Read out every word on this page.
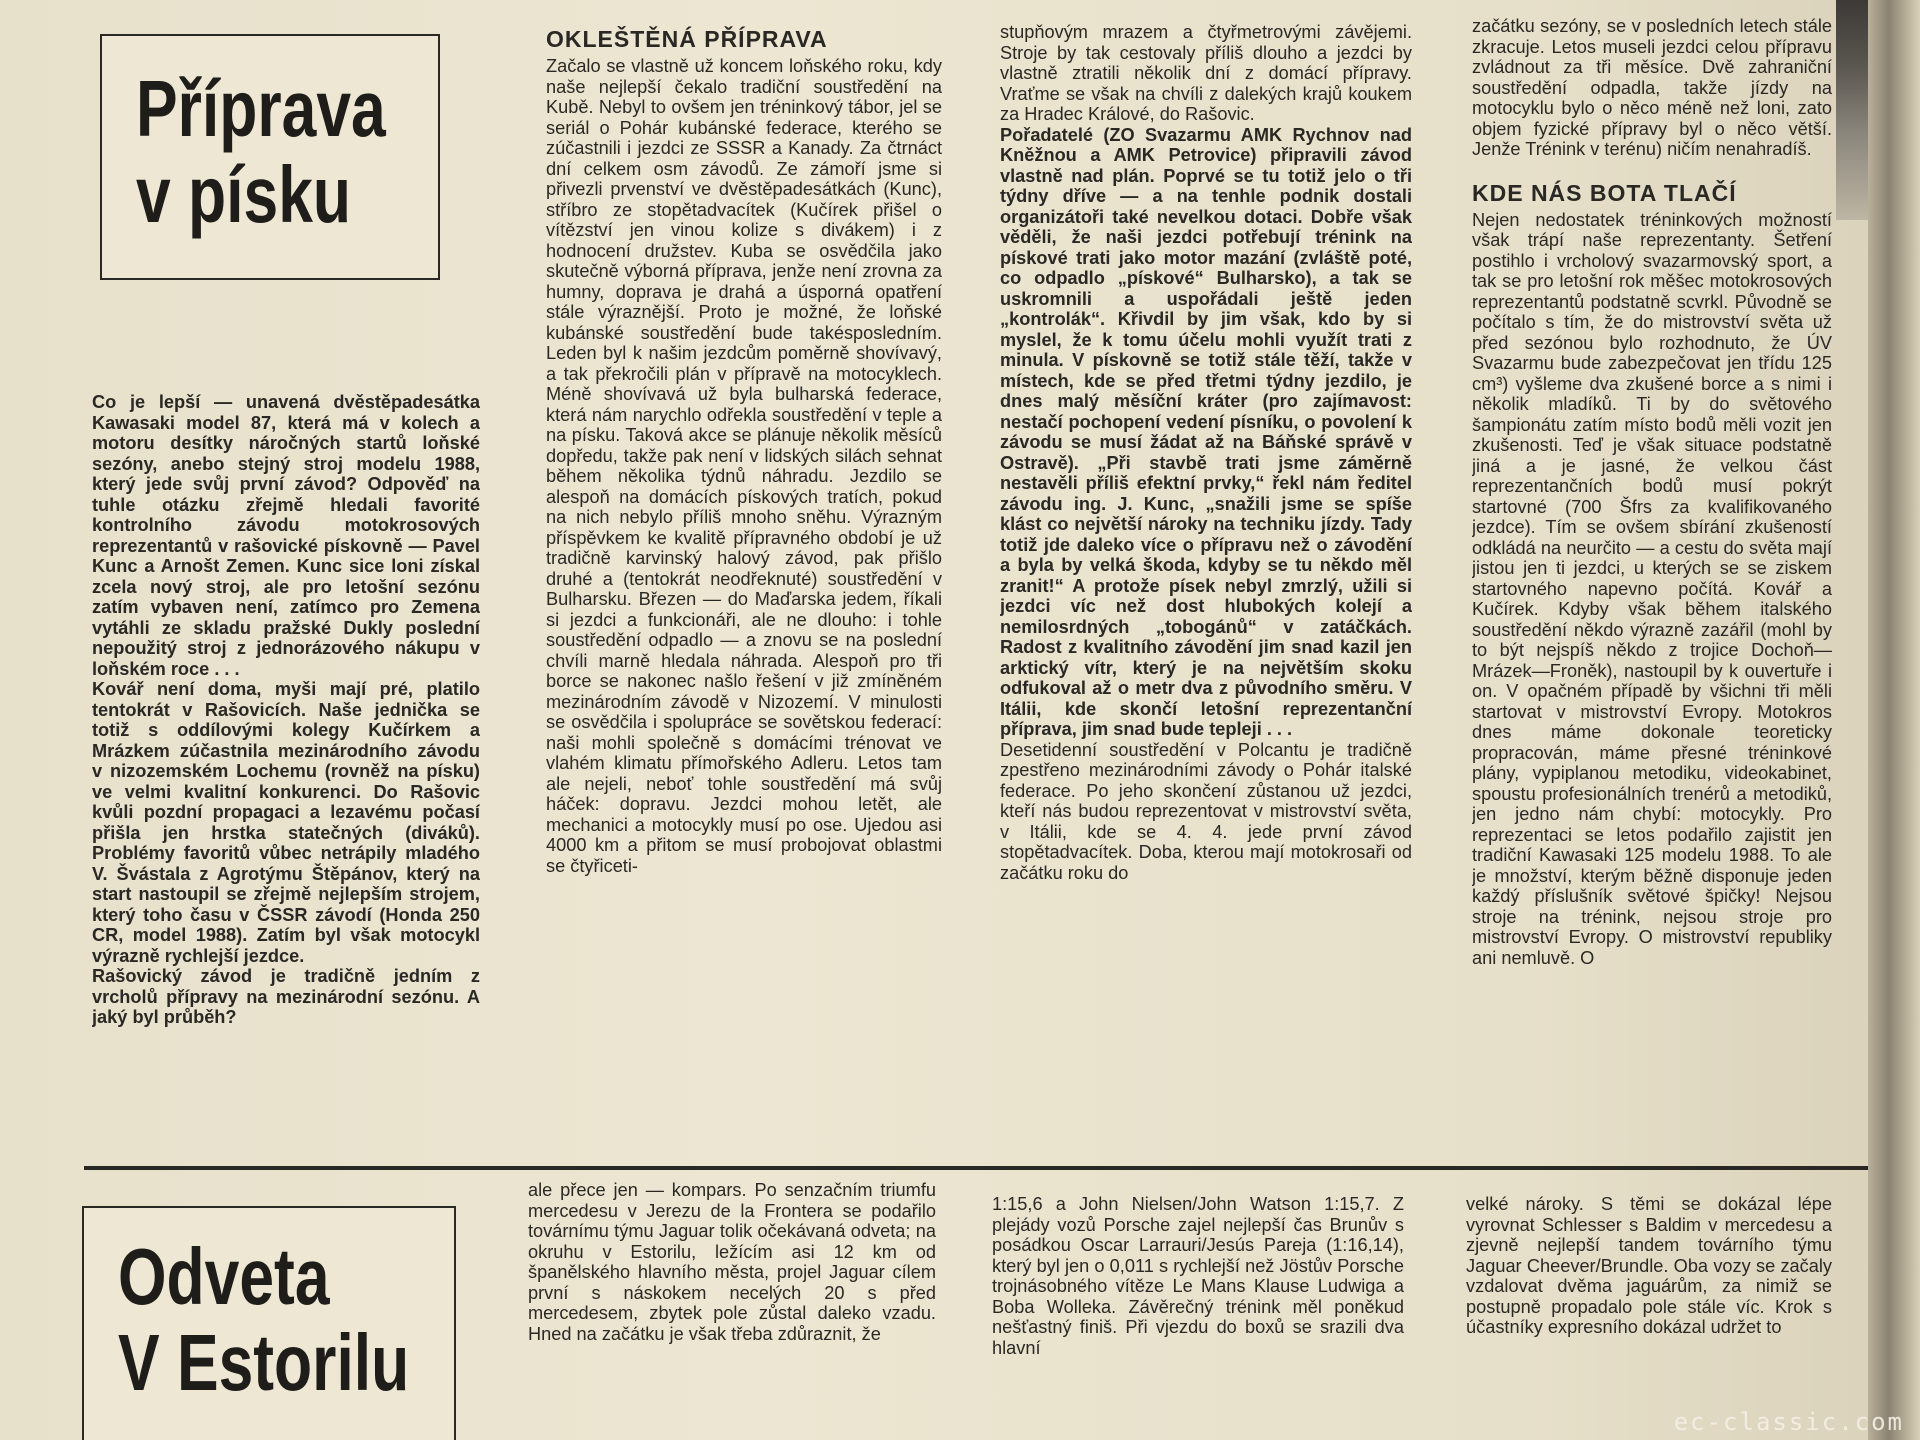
Příprava
v písku

Co je lepší — unavená dvěstěpadesátka Kawasaki model 87, která má v kolech a motoru desítky náročných startů loňské sezóny, anebo stejný stroj modelu 1988, který jede svůj první závod? Odpověď na tuhle otázku zřejmě hledali favorité kontrolního závodu motokrosových reprezentantů v rašovické pískovně — Pavel Kunc a Arnošt Zemen. Kunc sice loni získal zcela nový stroj, ale pro letošní sezónu zatím vybaven není, zatímco pro Zemena vytáhli ze skladu pražské Dukly poslední nepoužitý stroj z jednorázového nákupu v loňském roce . . .

Kovář není doma, myši mají pré, platilo tentokrát v Rašovicích. Naše jednička se totiž s oddílovými kolegy Kučírkem a Mrázkem zúčastnila mezinárodního závodu v nizozemském Lochemu (rovněž na písku) ve velmi kvalitní konkurenci. Do Rašovic kvůli pozdní propagaci a lezavému počasí přišla jen hrstka statečných (diváků). Problémy favoritů vůbec netrápily mladého V. Švástala z Agrotýmu Štěpánov, který na start nastoupil se zřejmě nejlepším strojem, který toho času v ČSSR závodí (Honda 250 CR, model 1988). Zatím byl však motocykl výrazně rychlejší jezdce.

Rašovický závod je tradičně jedním z vrcholů přípravy na mezinárodní sezónu. A jaký byl průběh?

OKLEŠTĚNÁ PŘÍPRAVA

Začalo se vlastně už koncem loňského roku, kdy naše nejlepší čekalo tradiční soustředění na Kubě. Nebyl to ovšem jen tréninkový tábor, jel se seriál o Pohár kubánské federace, kterého se zúčastnili i jezdci ze SSSR a Kanady. Za čtrnáct dní celkem osm závodů. Ze zámoří jsme si přivezli prvenství ve dvěstěpadesátkách (Kunc), stříbro ze stopětadvacítek (Kučírek přišel o vítězství jen vinou kolize s divákem) i z hodnocení družstev. Kuba se osvědčila jako skutečně výborná příprava, jenže není zrovna za humny, doprava je drahá a úsporná opatření stále výraznější. Proto je možné, že loňské kubánské soustředění bude takésposledním. Leden byl k našim jezdcům poměrně shovívavý, a tak překročili plán v přípravě na motocyklech. Méně shovívavá už byla bulharská federace, která nám narychlo odřekla soustředění v teple a na písku. Taková akce se plánuje několik měsíců dopředu, takže pak není v lidských silách sehnat během několika týdnů náhradu. Jezdilo se alespoň na domácích pískových tratích, pokud na nich nebylo příliš mnoho sněhu. Výrazným příspěvkem ke kvalitě přípravného období je už tradičně karvinský halový závod, pak přišlo druhé a (tentokrát neodřeknuté) soustředění v Bulharsku. Březen — do Maďarska jedem, říkali si jezdci a funkcionáři, ale ne dlouho: i tohle soustředění odpadlo — a znovu se na poslední chvíli marně hledala náhrada. Alespoň pro tři borce se nakonec našlo řešení v již zmíněném mezinárodním závodě v Nizozemí. V minulosti se osvědčila i spolupráce se sovětskou federací: naši mohli společně s domácími trénovat ve vlahém klimatu přímořského Adleru. Letos tam ale nejeli, neboť tohle soustředění má svůj háček: dopravu. Jezdci mohou letět, ale mechanici a motocykly musí po ose. Ujedou asi 4000 km a přitom se musí probojovat oblastmi se čtyřiceti-

stupňovým mrazem a čtyřmetrovými závějemi. Stroje by tak cestovaly příliš dlouho a jezdci by vlastně ztratili několik dní z domácí přípravy. Vraťme se však na chvíli z dalekých krajů koukem za Hradec Králové, do Rašovic.

Pořadatelé (ZO Svazarmu AMK Rychnov nad Kněžnou a AMK Petrovice) připravili závod vlastně nad plán. Poprvé se tu totiž jelo o tři týdny dříve — a na tenhle podnik dostali organizátoři také nevelkou dotaci. Dobře však věděli, že naši jezdci potřebují trénink na pískové trati jako motor mazání (zvláště poté, co odpadlo „pískové“ Bulharsko), a tak se uskromnili a uspořádali ještě jeden „kontrolák“. Křivdil by jim však, kdo by si myslel, že k tomu účelu mohli využít trati z minula. V pískovně se totiž stále těží, takže v místech, kde se před třetmi týdny jezdilo, je dnes malý měsíční kráter (pro zajímavost: nestačí pochopení vedení písníku, o povolení k závodu se musí žádat až na Báňské správě v Ostravě). „Při stavbě trati jsme záměrně nestavěli příliš efektní prvky,“ řekl nám ředitel závodu ing. J. Kunc, „snažili jsme se spíše klást co největší nároky na techniku jízdy. Tady totiž jde daleko více o přípravu než o závodění a byla by velká škoda, kdyby se tu někdo měl zranit!“ A protože písek nebyl zmrzlý, užili si jezdci víc než dost hlubokých kolejí a nemilosrdných „tobogánů“ v zatáčkách. Radost z kvalitního závodění jim snad kazil jen arktický vítr, který je na největším skoku odfukoval až o metr dva z původního směru. V Itálii, kde skončí letošní reprezentanční příprava, jim snad bude tepleji . . .

Desetidenní soustředění v Polcantu je tradičně zpestřeno mezinárodními závody o Pohár italské federace. Po jeho skončení zůstanou už jezdci, kteří nás budou reprezentovat v mistrovství světa, v Itálii, kde se 4. 4. jede první závod stopětadvacítek. Doba, kterou mají motokrosaři od začátku roku do

začátku sezóny, se v posledních letech stále zkracuje. Letos museli jezdci celou přípravu zvládnout za tři měsíce. Dvě zahraniční soustředění odpadla, takže jízdy na motocyklu bylo o něco méně než loni, zato objem fyzické přípravy byl o něco větší. Jenže Trénink v terénu) ničím nenahradíš.

KDE NÁS BOTA TLAČÍ

Nejen nedostatek tréninkových možností však trápí naše reprezentanty. Šetření postihlo i vrcholový svazarmovský sport, a tak se pro letošní rok měšec motokrosových reprezentantů podstatně scvrkl. Původně se počítalo s tím, že do mistrovství světa už před sezónou bylo rozhodnuto, že ÚV Svazarmu bude zabezpečovat jen třídu 125 cm³) vyšleme dva zkušené borce a s nimi i několik mladíků. Ti by do světového šampionátu zatím místo bodů měli vozit jen zkušenosti. Teď je však situace podstatně jiná a je jasné, že velkou část reprezentančních bodů musí pokrýt startovné (700 Šfrs za kvalifikovaného jezdce). Tím se ovšem sbírání zkušeností odkládá na neurčito — a cestu do světa mají jistou jen ti jezdci, u kterých se se ziskem startovného napevno počítá. Kovář a Kučírek. Kdyby však během italského soustředění někdo výrazně zazářil (mohl by to být nejspíš někdo z trojice Dochoň—Mrázek—Froněk), nastoupil by k ouvertuře i on. V opačném případě by všichni tři měli startovat v mistrovství Evropy. Motokros dnes máme dokonale teoreticky propracován, máme přesné tréninkové plány, vypiplanou metodiku, videokabinet, spoustu profesionálních trenérů a metodiků, jen jedno nám chybí: motocykly. Pro reprezentaci se letos podařilo zajistit jen tradiční Kawasaki 125 modelu 1988. To ale je množství, kterým běžně disponuje jeden každý příslušník světové špičky! Nejsou stroje na trénink, nejsou stroje pro mistrovství Evropy. O mistrovství republiky ani nemluvě. O

Odveta
V Estorilu

ale přece jen — kompars. Po senzačním triumfu mercedesu v Jerezu de la Frontera se podařilo továrnímu týmu Jaguar tolik očekávaná odveta; na okruhu v Estorilu, ležícím asi 12 km od španělského hlavního města, projel Jaguar cílem první s náskokem necelých 20 s před mercedesem, zbytek pole zůstal daleko vzadu. Hned na začátku je však třeba zdůraznit, že

1:15,6 a John Nielsen/John Watson 1:15,7. Z plejády vozů Porsche zajel nejlepší čas Brunův s posádkou Oscar Larrauri/Jesús Pareja (1:16,14), který byl jen o 0,011 s rychlejší než Jöstův Porsche trojnásobného vítěze Le Mans Klause Ludwiga a Boba Wolleka. Závěrečný trénink měl poněkud nešťastný finiš. Při vjezdu do boxů se srazili dva hlavní

velké nároky. S těmi se dokázal lépe vyrovnat Schlesser s Baldim v mercedesu a zjevně nejlepší tandem továrního týmu Jaguar Cheever/Brundle. Oba vozy se začaly vzdalovat dvěma jaguárům, za nimiž se postupně propadalo pole stále víc. Krok s účastníky expresního dokázal udržet to

ec-classic.com
